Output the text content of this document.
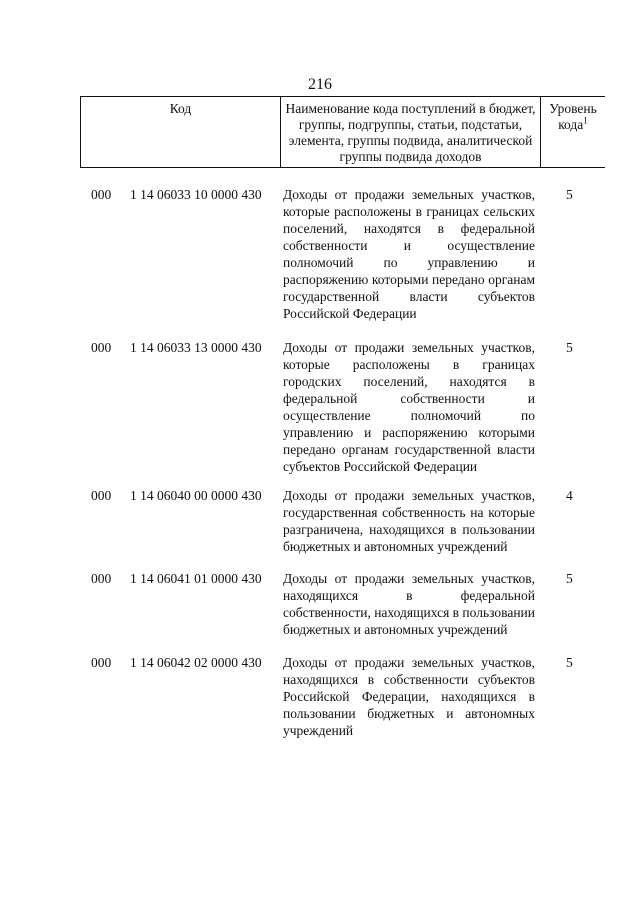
216
Код	Наименование кода поступлений в бюджет, группы, подгруппы, статьи, подстатьи, элемента, группы подвида, аналитической группы подвида доходов
Уровень кода$^1$
000 1 14 06033 10 0000 430 Доходы от продажи земельных участков, которые расположены в границах сельских поселений, находятся в федеральной собственности и осуществление полномочий по управлению и распоряжению которыми передано органам государственной власти субъектов Российской Федерации
5
000 1 14 06033 13 0000 430 Доходы от продажи земельных участков, которые расположены в границах городских поселений, находятся в федеральной собственности и осуществление полномочий по управлению и распоряжению которыми передано органам государственной власти субъектов Российской Федерации
5
000 1 14 06040 00 0000 430 Доходы от продажи земельных участков, государственная собственность на которые разграничена, находящихся в пользовании бюджетных и автономных учреждений
4
000 1 14 06041 01 0000 430 Доходы от продажи земельных участков, находящихся в федеральной собственности, находящихся в пользовании бюджетных и автономных учреждений
5
000 1 14 06042 02 0000 430 Доходы от продажи земельных участков, находящихся в собственности субъектов Российской Федерации, находящихся в пользовании бюджетных и автономных учреждений
5
